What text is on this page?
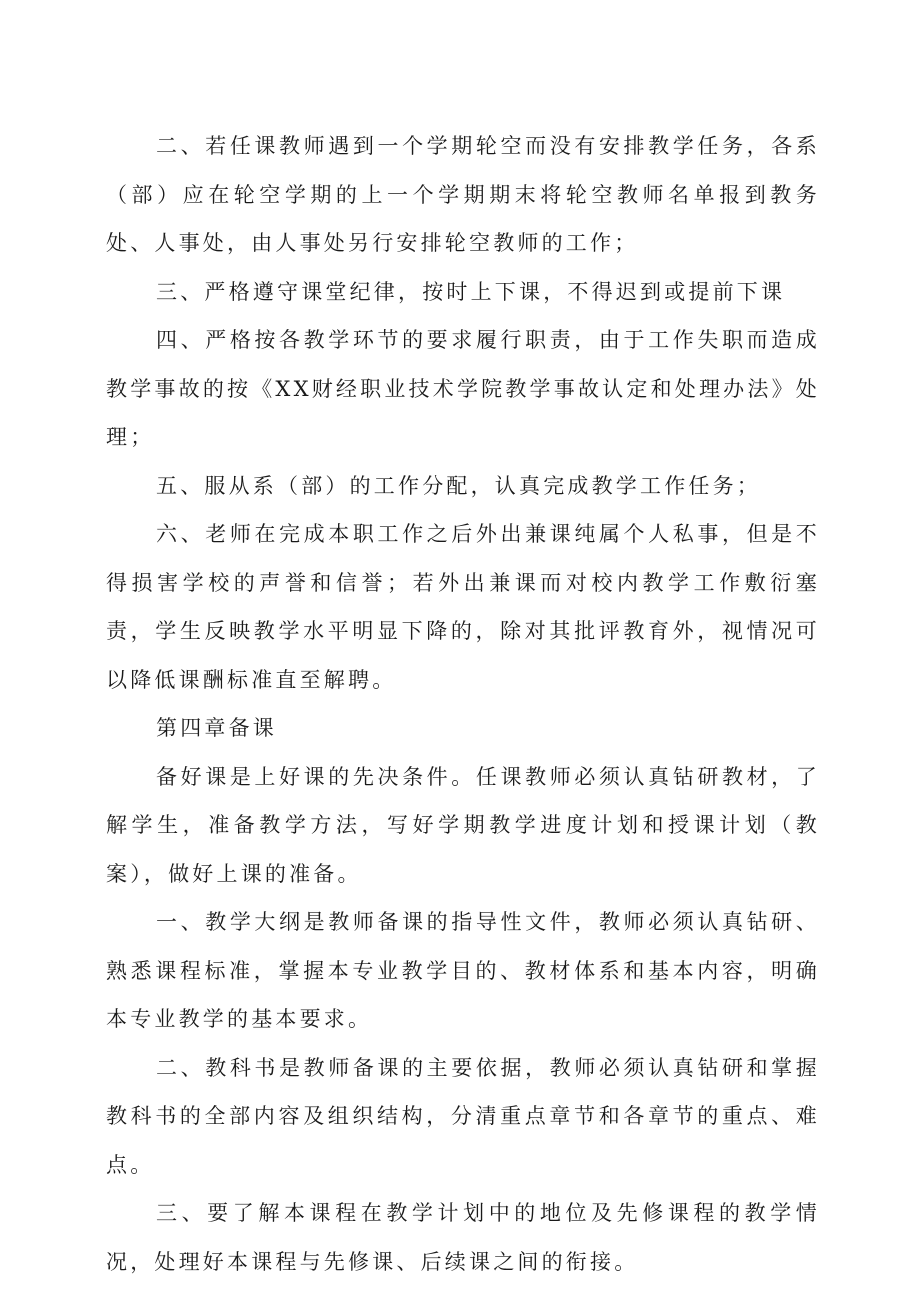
二、若任课教师遇到一个学期轮空而没有安排教学任务，各系（部）应在轮空学期的上一个学期期末将轮空教师名单报到教务处、人事处，由人事处另行安排轮空教师的工作；

三、严格遵守课堂纪律，按时上下课，不得迟到或提前下课

四、严格按各教学环节的要求履行职责，由于工作失职而造成教学事故的按《XX财经职业技术学院教学事故认定和处理办法》处理；

五、服从系（部）的工作分配，认真完成教学工作任务；

六、老师在完成本职工作之后外出兼课纯属个人私事，但是不得损害学校的声誉和信誉；若外出兼课而对校内教学工作敷衍塞责，学生反映教学水平明显下降的，除对其批评教育外，视情况可以降低课酬标准直至解聘。

第四章备课

备好课是上好课的先决条件。任课教师必须认真钻研教材，了解学生，准备教学方法，写好学期教学进度计划和授课计划（教案），做好上课的准备。

一、教学大纲是教师备课的指导性文件，教师必须认真钻研、熟悉课程标准，掌握本专业教学目的、教材体系和基本内容，明确本专业教学的基本要求。

二、教科书是教师备课的主要依据，教师必须认真钻研和掌握教科书的全部内容及组织结构，分清重点章节和各章节的重点、难点。

三、要了解本课程在教学计划中的地位及先修课程的教学情况，处理好本课程与先修课、后续课之间的衔接。
